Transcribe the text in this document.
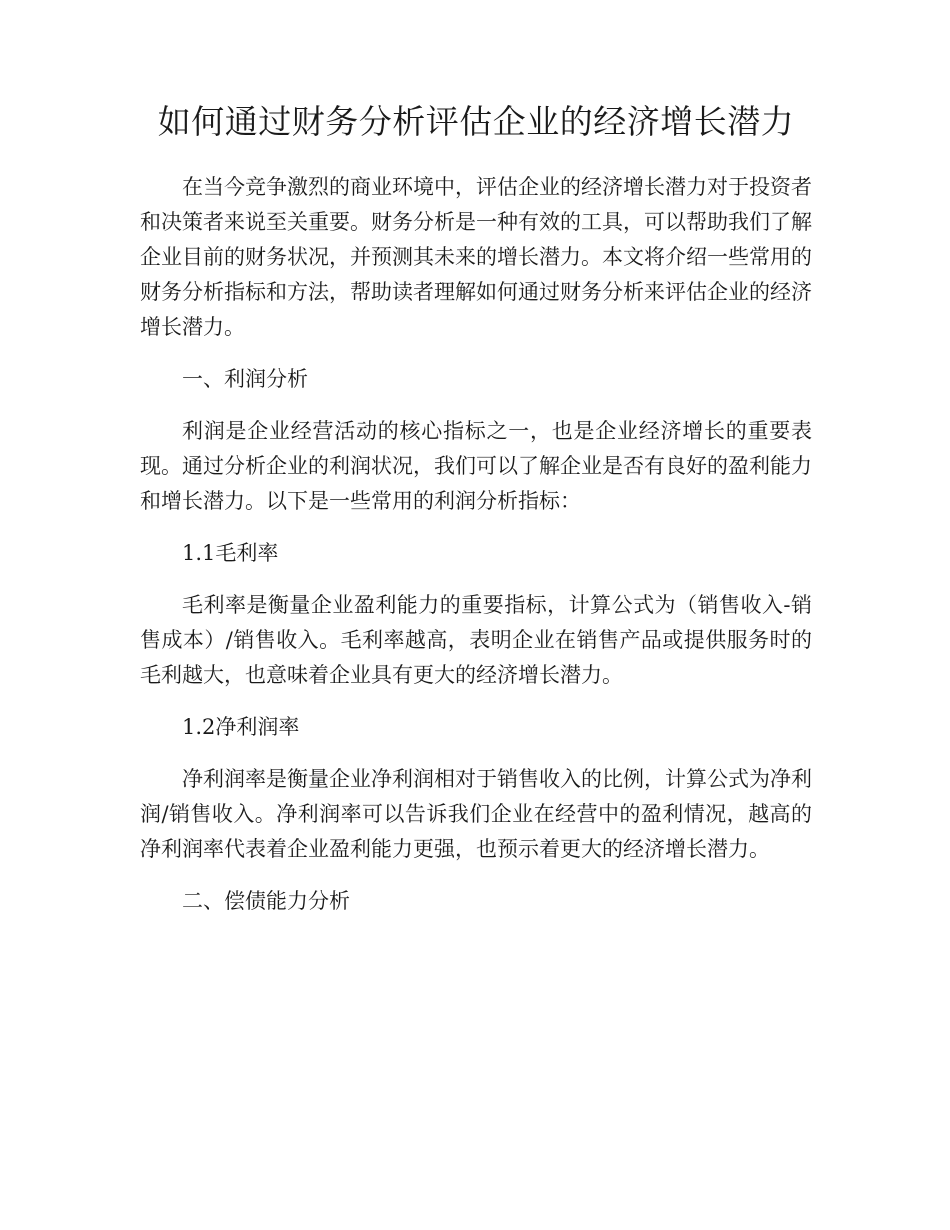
如何通过财务分析评估企业的经济增长潜力

在当今竞争激烈的商业环境中，评估企业的经济增长潜力对于投资者和决策者来说至关重要。财务分析是一种有效的工具，可以帮助我们了解企业目前的财务状况，并预测其未来的增长潜力。本文将介绍一些常用的财务分析指标和方法，帮助读者理解如何通过财务分析来评估企业的经济增长潜力。

一、利润分析

利润是企业经营活动的核心指标之一，也是企业经济增长的重要表现。通过分析企业的利润状况，我们可以了解企业是否有良好的盈利能力和增长潜力。以下是一些常用的利润分析指标：

1.1毛利率

毛利率是衡量企业盈利能力的重要指标，计算公式为（销售收入-销售成本）/销售收入。毛利率越高，表明企业在销售产品或提供服务时的毛利越大，也意味着企业具有更大的经济增长潜力。

1.2净利润率

净利润率是衡量企业净利润相对于销售收入的比例，计算公式为净利润/销售收入。净利润率可以告诉我们企业在经营中的盈利情况，越高的净利润率代表着企业盈利能力更强，也预示着更大的经济增长潜力。

二、偿债能力分析
